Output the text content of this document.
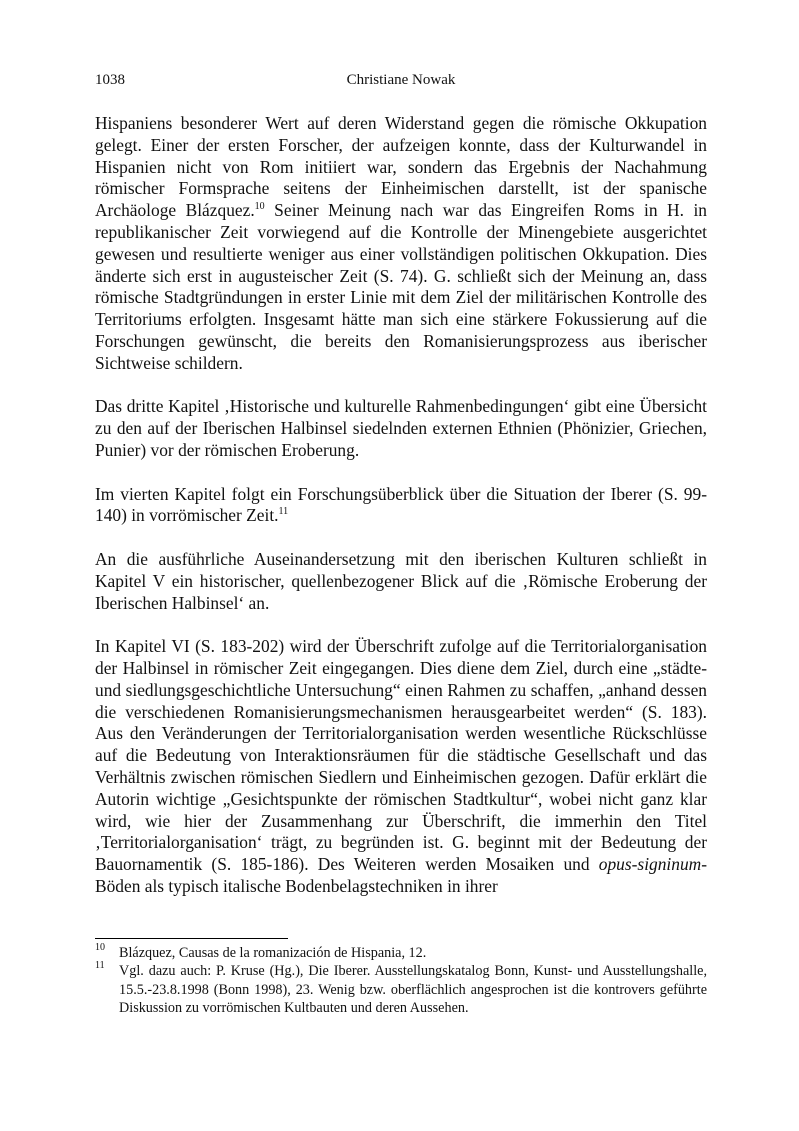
1038	Christiane Nowak

Hispaniens besonderer Wert auf deren Widerstand gegen die römische Okkupation gelegt. Einer der ersten Forscher, der aufzeigen konnte, dass der Kulturwandel in Hispanien nicht von Rom initiiert war, sondern das Ergebnis der Nachahmung römischer Formsprache seitens der Einheimischen darstellt, ist der spanische Archäologe Blázquez.$^{10}$ Seiner Meinung nach war das Eingreifen Roms in H. in republikanischer Zeit vorwiegend auf die Kontrolle der Minengebiete ausgerichtet gewesen und resultierte weniger aus einer vollständigen politischen Okkupation. Dies änderte sich erst in augusteischer Zeit (S. 74). G. schließt sich der Meinung an, dass römische Stadtgründungen in erster Linie mit dem Ziel der militärischen Kontrolle des Territoriums erfolgten. Insgesamt hätte man sich eine stärkere Fokussierung auf die Forschungen gewünscht, die bereits den Romanisierungsprozess aus iberischer Sichtweise schildern.

Das dritte Kapitel ‚Historische und kulturelle Rahmenbedingungen‘ gibt eine Übersicht zu den auf der Iberischen Halbinsel siedelnden externen Ethnien (Phönizier, Griechen, Punier) vor der römischen Eroberung.

Im vierten Kapitel folgt ein Forschungsüberblick über die Situation der Iberer (S. 99-140) in vorrömischer Zeit.$^{11}$

An die ausführliche Auseinandersetzung mit den iberischen Kulturen schließt in Kapitel V ein historischer, quellenbezogener Blick auf die ‚Römische Eroberung der Iberischen Halbinsel‘ an.

In Kapitel VI (S. 183-202) wird der Überschrift zufolge auf die Territorialorganisation der Halbinsel in römischer Zeit eingegangen. Dies diene dem Ziel, durch eine „städte- und siedlungsgeschichtliche Untersuchung“ einen Rahmen zu schaffen, „anhand dessen die verschiedenen Romanisierungsmechanismen herausgearbeitet werden“ (S. 183). Aus den Veränderungen der Territorialorganisation werden wesentliche Rückschlüsse auf die Bedeutung von Interaktionsräumen für die städtische Gesellschaft und das Verhältnis zwischen römischen Siedlern und Einheimischen gezogen. Dafür erklärt die Autorin wichtige „Gesichtspunkte der römischen Stadtkultur“, wobei nicht ganz klar wird, wie hier der Zusammenhang zur Überschrift, die immerhin den Titel ‚Territorialorganisation‘ trägt, zu begründen ist. G. beginnt mit der Bedeutung der Bauornamentik (S. 185-186). Des Weiteren werden Mosaiken und opus-signinum-Böden als typisch italische Bodenbelagstechniken in ihrer

10 Blázquez, Causas de la romanización de Hispania, 12.
11 Vgl. dazu auch: P. Kruse (Hg.), Die Iberer. Ausstellungskatalog Bonn, Kunst- und Ausstellungshalle, 15.5.-23.8.1998 (Bonn 1998), 23. Wenig bzw. oberflächlich angesprochen ist die kontrovers geführte Diskussion zu vorrömischen Kultbauten und deren Aussehen.
